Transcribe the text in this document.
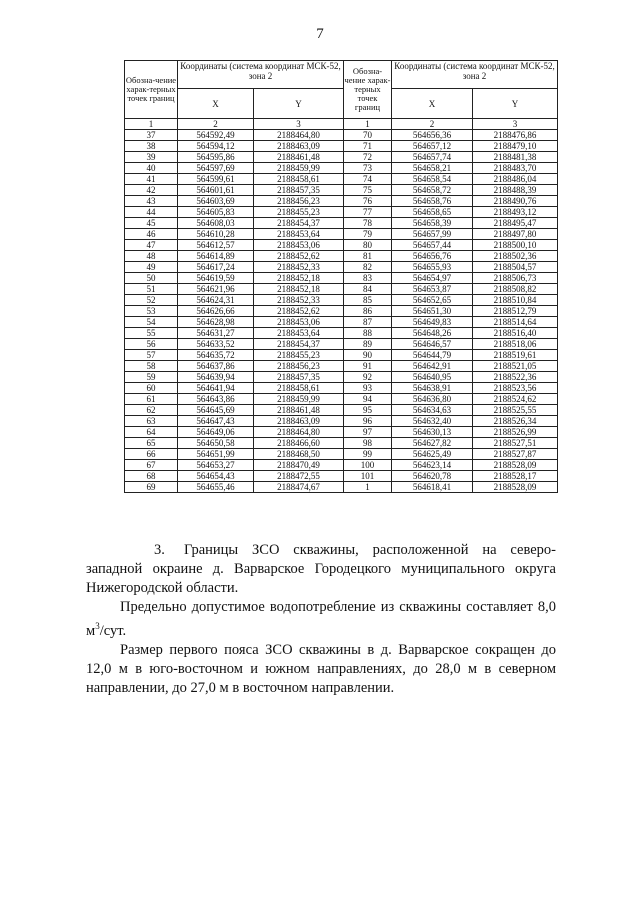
7
Обозна-чение харак-терных точек границ	Координаты (система координат МСК-52, зона 2		Обозна-чение харак-терных точек границ	Координаты (система координат МСК-52, зона 2	
	X	Y		X	Y
1	2	3	1	2	3
37	564592,49	2188464,80	70	564656,36	2188476,86
38	564594,12	2188463,09	71	564657,12	2188479,10
39	564595,86	2188461,48	72	564657,74	2188481,38
40	564597,69	2188459,99	73	564658,21	2188483,70
41	564599,61	2188458,61	74	564658,54	2188486,04
42	564601,61	2188457,35	75	564658,72	2188488,39
43	564603,69	2188456,23	76	564658,76	2188490,76
44	564605,83	2188455,23	77	564658,65	2188493,12
45	564608,03	2188454,37	78	564658,39	2188495,47
46	564610,28	2188453,64	79	564657,99	2188497,80
47	564612,57	2188453,06	80	564657,44	2188500,10
48	564614,89	2188452,62	81	564656,76	2188502,36
49	564617,24	2188452,33	82	564655,93	2188504,57
50	564619,59	2188452,18	83	564654,97	2188506,73
51	564621,96	2188452,18	84	564653,87	2188508,82
52	564624,31	2188452,33	85	564652,65	2188510,84
53	564626,66	2188452,62	86	564651,30	2188512,79
54	564628,98	2188453,06	87	564649,83	2188514,64
55	564631,27	2188453,64	88	564648,26	2188516,40
56	564633,52	2188454,37	89	564646,57	2188518,06
57	564635,72	2188455,23	90	564644,79	2188519,61
58	564637,86	2188456,23	91	564642,91	2188521,05
59	564639,94	2188457,35	92	564640,95	2188522,36
60	564641,94	2188458,61	93	564638,91	2188523,56
61	564643,86	2188459,99	94	564636,80	2188524,62
62	564645,69	2188461,48	95	564634,63	2188525,55
63	564647,43	2188463,09	96	564632,40	2188526,34
64	564649,06	2188464,80	97	564630,13	2188526,99
65	564650,58	2188466,60	98	564627,82	2188527,51
66	564651,99	2188468,50	99	564625,49	2188527,87
67	564653,27	2188470,49	100	564623,14	2188528,09
68	564654,43	2188472,55	101	564620,78	2188528,17
69	564655,46	2188474,67	1	564618,41	2188528,09

3. Границы ЗСО скважины, расположенной на северо-западной окраине д. Варварское Городецкого муниципального округа Нижегородской области.

Предельно допустимое водопотребление из скважины составляет 8,0 $м^3$/сут.

Размер первого пояса ЗСО скважины в д. Варварское сокращен до 12,0 м в юго-восточном и южном направлениях, до 28,0 м в северном направлении, до 27,0 м в восточном направлении.
